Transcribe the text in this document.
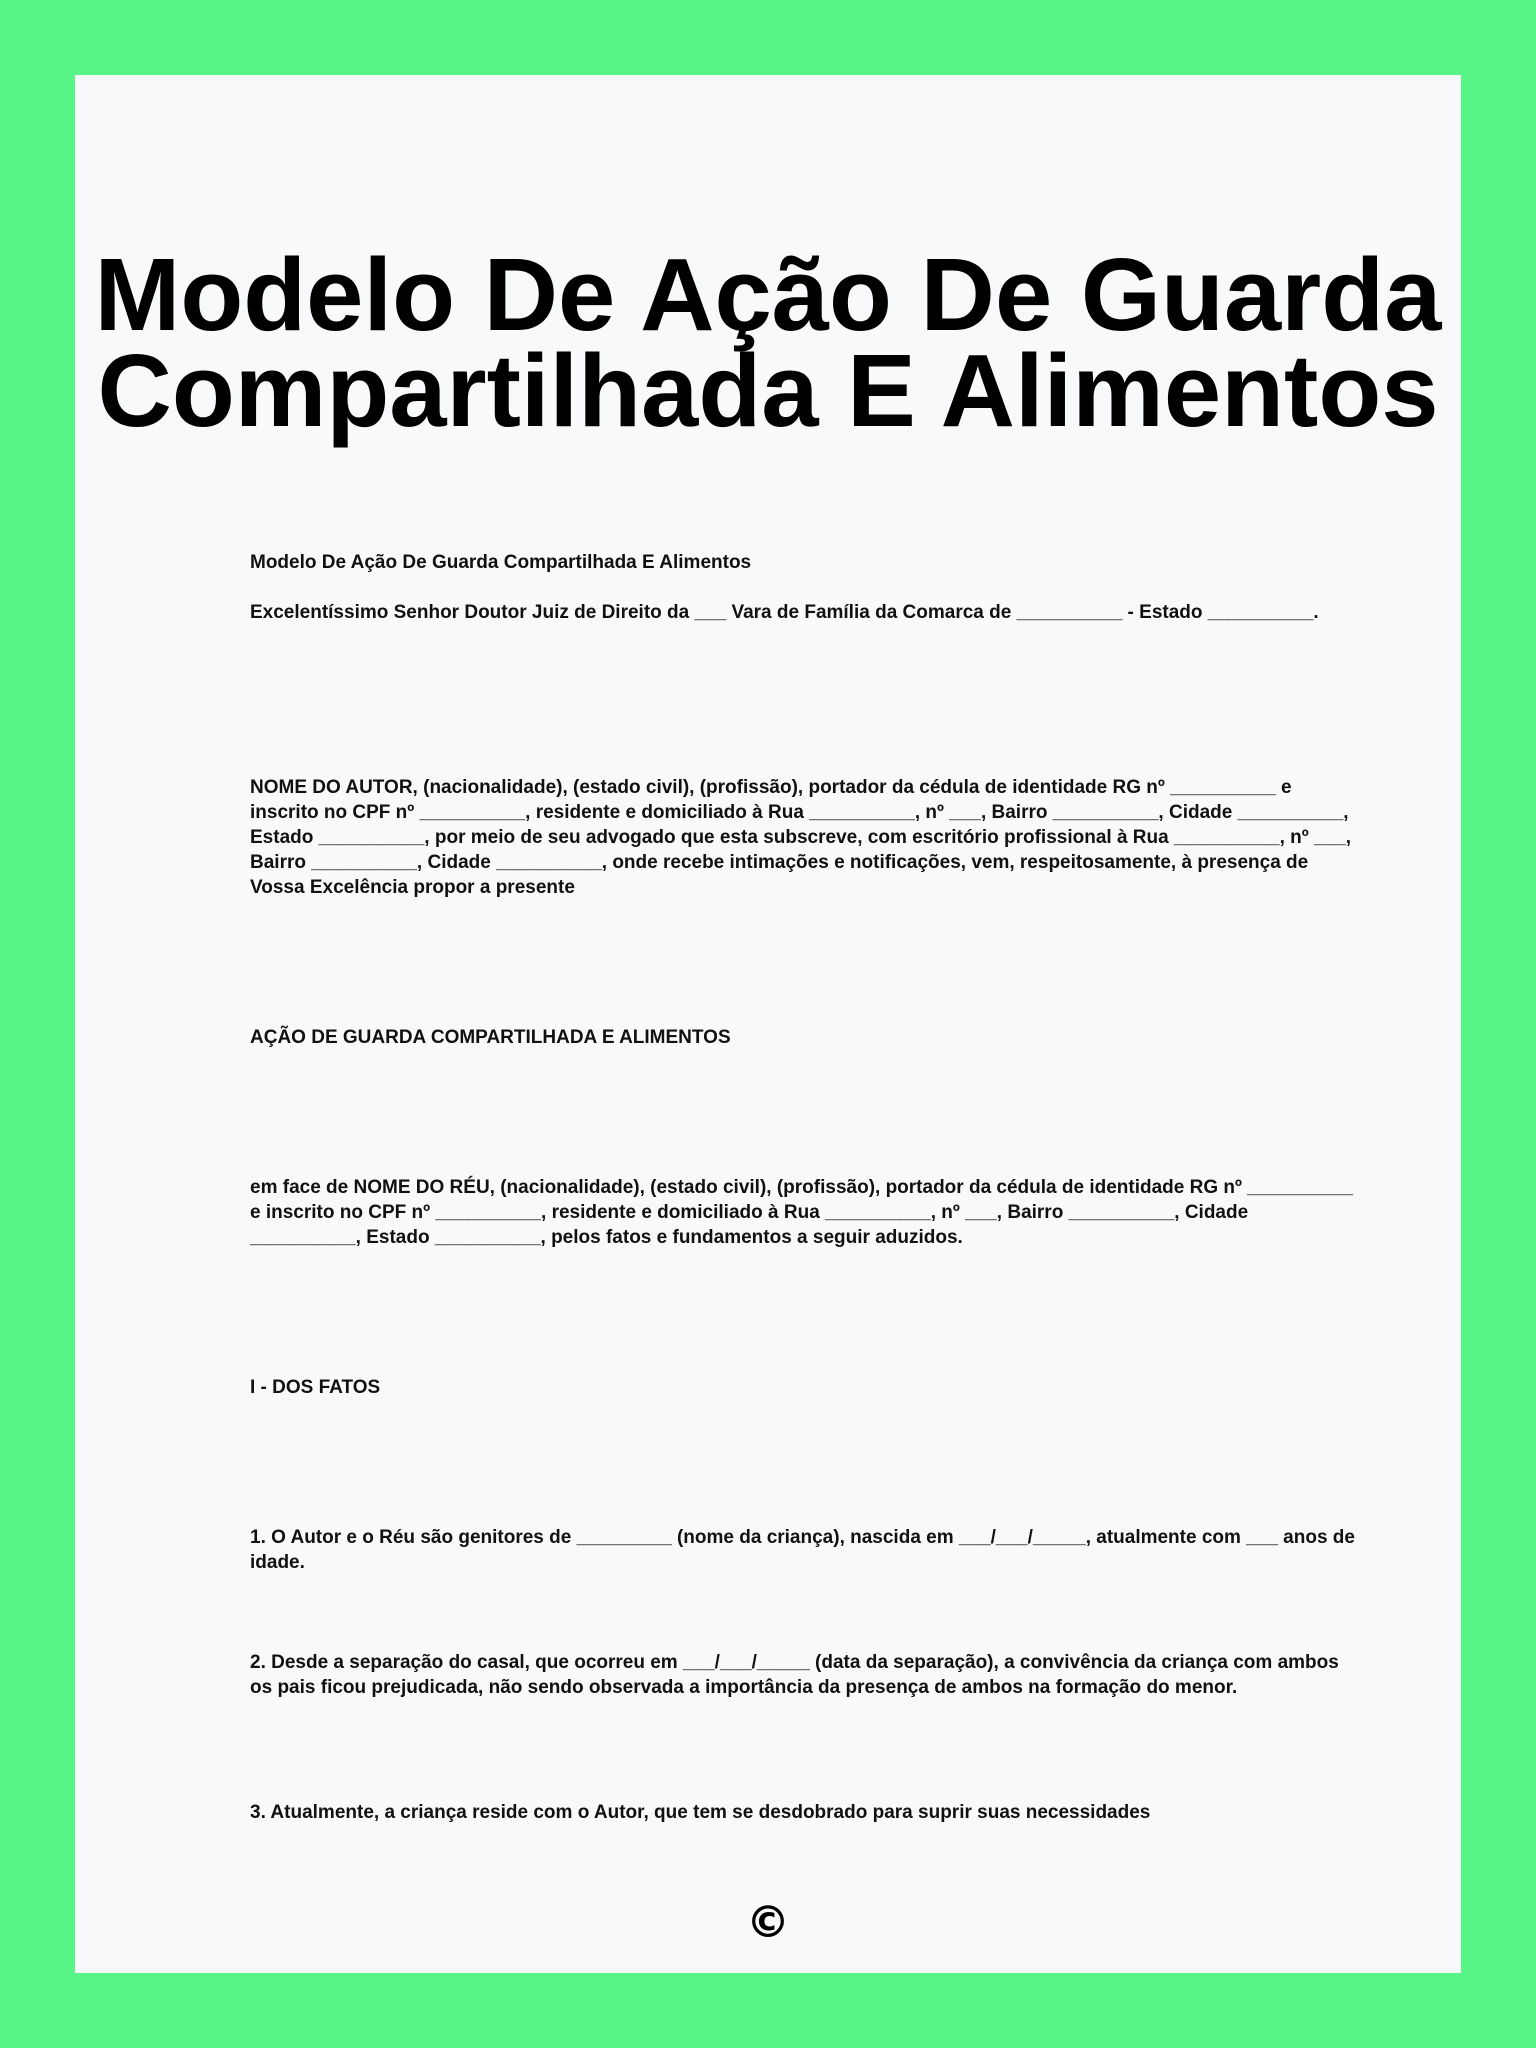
Modelo De Ação De Guarda
Compartilhada E Alimentos

Modelo De Ação De Guarda Compartilhada E Alimentos

Excelentíssimo Senhor Doutor Juiz de Direito da ___ Vara de Família da Comarca de __________ - Estado __________.

NOME DO AUTOR, (nacionalidade), (estado civil), (profissão), portador da cédula de identidade RG nº __________ e inscrito no CPF nº __________, residente e domiciliado à Rua __________, nº ___, Bairro __________, Cidade __________, Estado __________, por meio de seu advogado que esta subscreve, com escritório profissional à Rua __________, nº ___, Bairro __________, Cidade __________, onde recebe intimações e notificações, vem, respeitosamente, à presença de Vossa Excelência propor a presente

AÇÃO DE GUARDA COMPARTILHADA E ALIMENTOS

em face de NOME DO RÉU, (nacionalidade), (estado civil), (profissão), portador da cédula de identidade RG nº __________ e inscrito no CPF nº __________, residente e domiciliado à Rua __________, nº ___, Bairro __________, Cidade __________, Estado __________, pelos fatos e fundamentos a seguir aduzidos.

I - DOS FATOS

1. O Autor e o Réu são genitores de _________ (nome da criança), nascida em ___/___/_____, atualmente com ___ anos de idade.

2. Desde a separação do casal, que ocorreu em ___/___/_____ (data da separação), a convivência da criança com ambos os pais ficou prejudicada, não sendo observada a importância da presença de ambos na formação do menor.

3. Atualmente, a criança reside com o Autor, que tem se desdobrado para suprir suas necessidades

©
